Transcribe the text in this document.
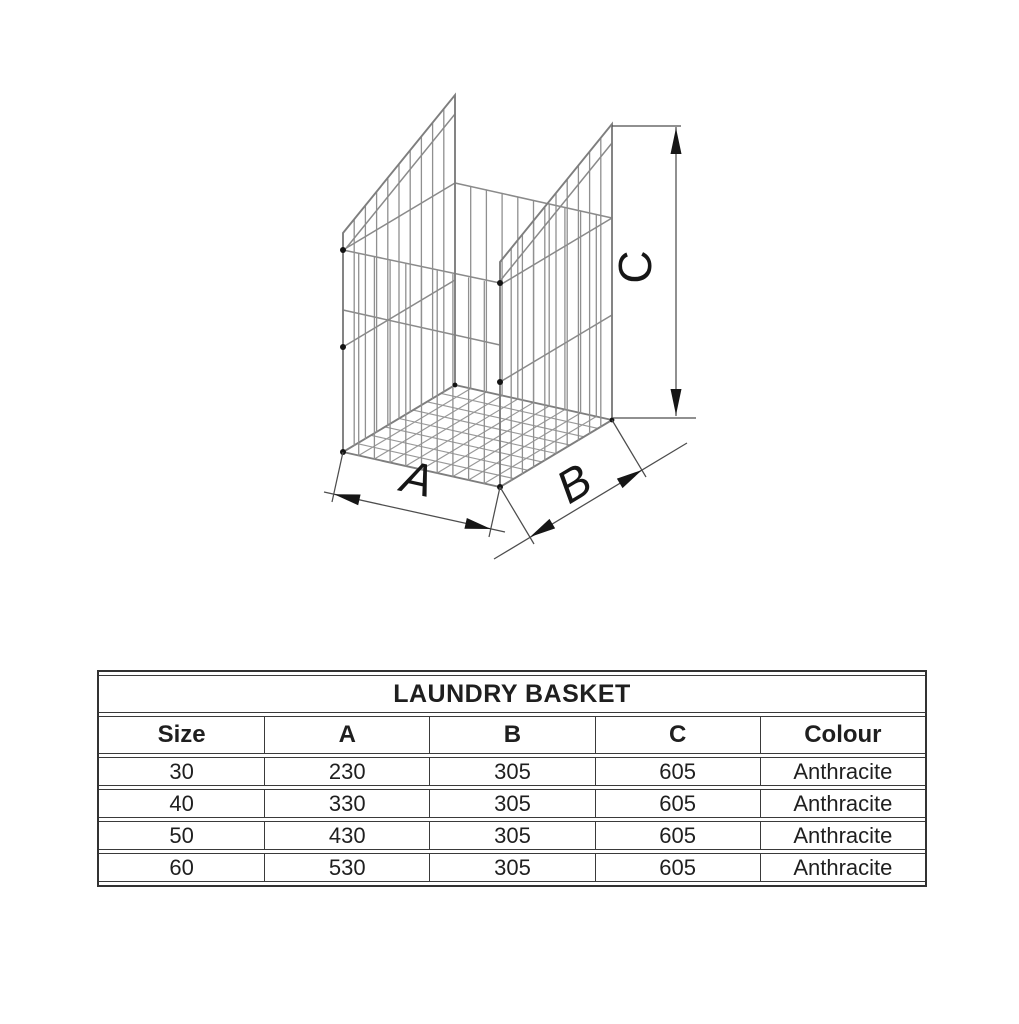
A B
C
LAUNDRY BASKET				
Size	A	B	C	Colour
30	230	305	605	Anthracite
40	330	305	605	Anthracite
50	430	305	605	Anthracite
60	530	305	605	Anthracite
